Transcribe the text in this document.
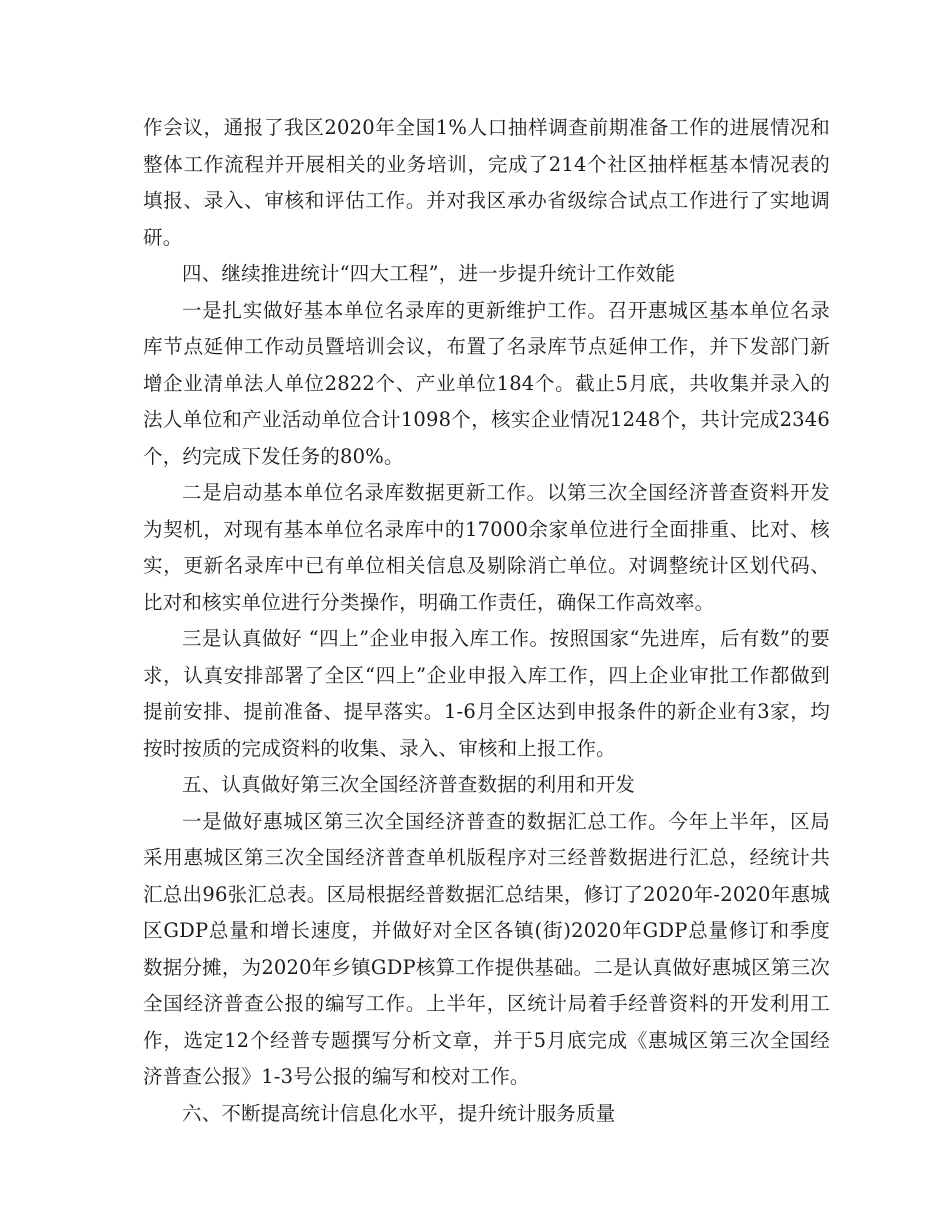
作会议，通报了我区2020年全国1%人口抽样调查前期准备工作的进展情况和整体工作流程并开展相关的业务培训，完成了214个社区抽样框基本情况表的填报、录入、审核和评估工作。并对我区承办省级综合试点工作进行了实地调研。

四、继续推进统计“四大工程”，进一步提升统计工作效能

一是扎实做好基本单位名录库的更新维护工作。召开惠城区基本单位名录库节点延伸工作动员暨培训会议，布置了名录库节点延伸工作，并下发部门新增企业清单法人单位2822个、产业单位184个。截止5月底，共收集并录入的法人单位和产业活动单位合计1098个，核实企业情况1248个，共计完成2346个，约完成下发任务的80%。

二是启动基本单位名录库数据更新工作。以第三次全国经济普查资料开发为契机，对现有基本单位名录库中的17000余家单位进行全面排重、比对、核实，更新名录库中已有单位相关信息及剔除消亡单位。对调整统计区划代码、比对和核实单位进行分类操作，明确工作责任，确保工作高效率。

三是认真做好 “四上”企业申报入库工作。按照国家“先进库，后有数”的要求，认真安排部署了全区“四上”企业申报入库工作，四上企业审批工作都做到提前安排、提前准备、提早落实。1-6月全区达到申报条件的新企业有3家，均按时按质的完成资料的收集、录入、审核和上报工作。

五、认真做好第三次全国经济普查数据的利用和开发

一是做好惠城区第三次全国经济普查的数据汇总工作。今年上半年，区局采用惠城区第三次全国经济普查单机版程序对三经普数据进行汇总，经统计共汇总出96张汇总表。区局根据经普数据汇总结果，修订了2020年-2020年惠城区GDP总量和增长速度，并做好对全区各镇(街)2020年GDP总量修订和季度数据分摊，为2020年乡镇GDP核算工作提供基础。二是认真做好惠城区第三次全国经济普查公报的编写工作。上半年，区统计局着手经普资料的开发利用工作，选定12个经普专题撰写分析文章，并于5月底完成《惠城区第三次全国经济普查公报》1-3号公报的编写和校对工作。

六、不断提高统计信息化水平，提升统计服务质量
